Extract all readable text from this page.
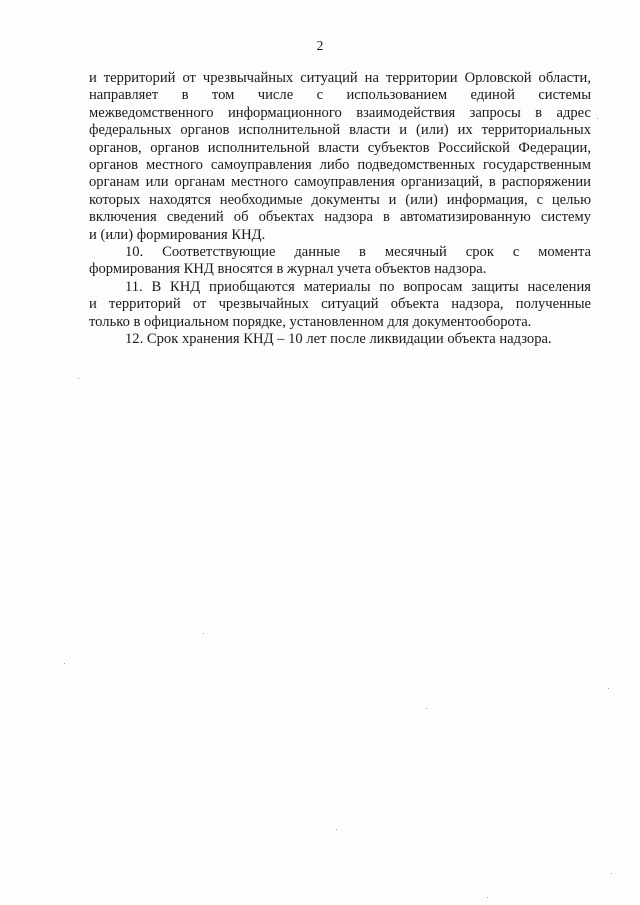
2

и территорий от чрезвычайных ситуаций на территории Орловской области,
направляет в том числе с использованием единой системы
межведомственного информационного взаимодействия запросы в адрес
федеральных органов исполнительной власти и (или) их территориальных
органов, органов исполнительной власти субъектов Российской Федерации,
органов местного самоуправления либо подведомственных государственным
органам или органам местного самоуправления организаций, в распоряжении
которых находятся необходимые документы и (или) информация, с целью
включения сведений об объектах надзора в автоматизированную систему
и (или) формирования КНД.

10. Соответствующие данные в месячный срок с момента
формирования КНД вносятся в журнал учета объектов надзора.

11. В КНД приобщаются материалы по вопросам защиты населения
и территорий от чрезвычайных ситуаций объекта надзора, полученные
только в официальном порядке, установленном для документооборота.

12. Срок хранения КНД – 10 лет после ликвидации объекта надзора.
